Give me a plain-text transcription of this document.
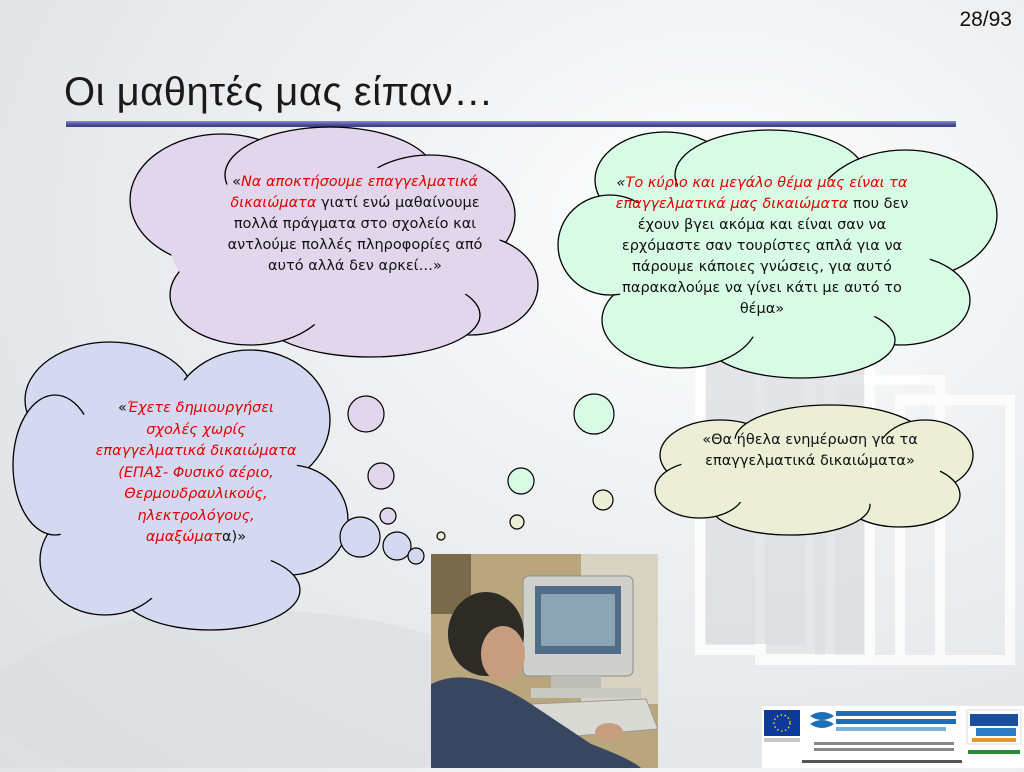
28/93
Οι μαθητές μας είπαν…
«Να αποκτήσουμε επαγγελματικά δικαιώματα γιατί ενώ μαθαίνουμε πολλά πράγματα στο σχολείο και αντλούμε πολλές πληροφορίες από αυτό αλλά δεν αρκεί…»
«Το κύριο και μεγάλο θέμα μας είναι τα επαγγελματικά μας δικαιώματα που δεν έχουν βγει ακόμα και είναι σαν να ερχόμαστε σαν τουρίστες απλά για να πάρουμε κάποιες γνώσεις, για αυτό παρακαλούμε να γίνει κάτι με αυτό το θέμα»
«Έχετε δημιουργήσει σχολές χωρίς επαγγελματικά δικαιώματα (ΕΠΑΣ- Φυσικό αέριο, Θερμουδραυλικούς, ηλεκτρολόγους, αμαξώματα)»
«Θα ήθελα ενημέρωση για τα επαγγελματικά δικαιώματα»
